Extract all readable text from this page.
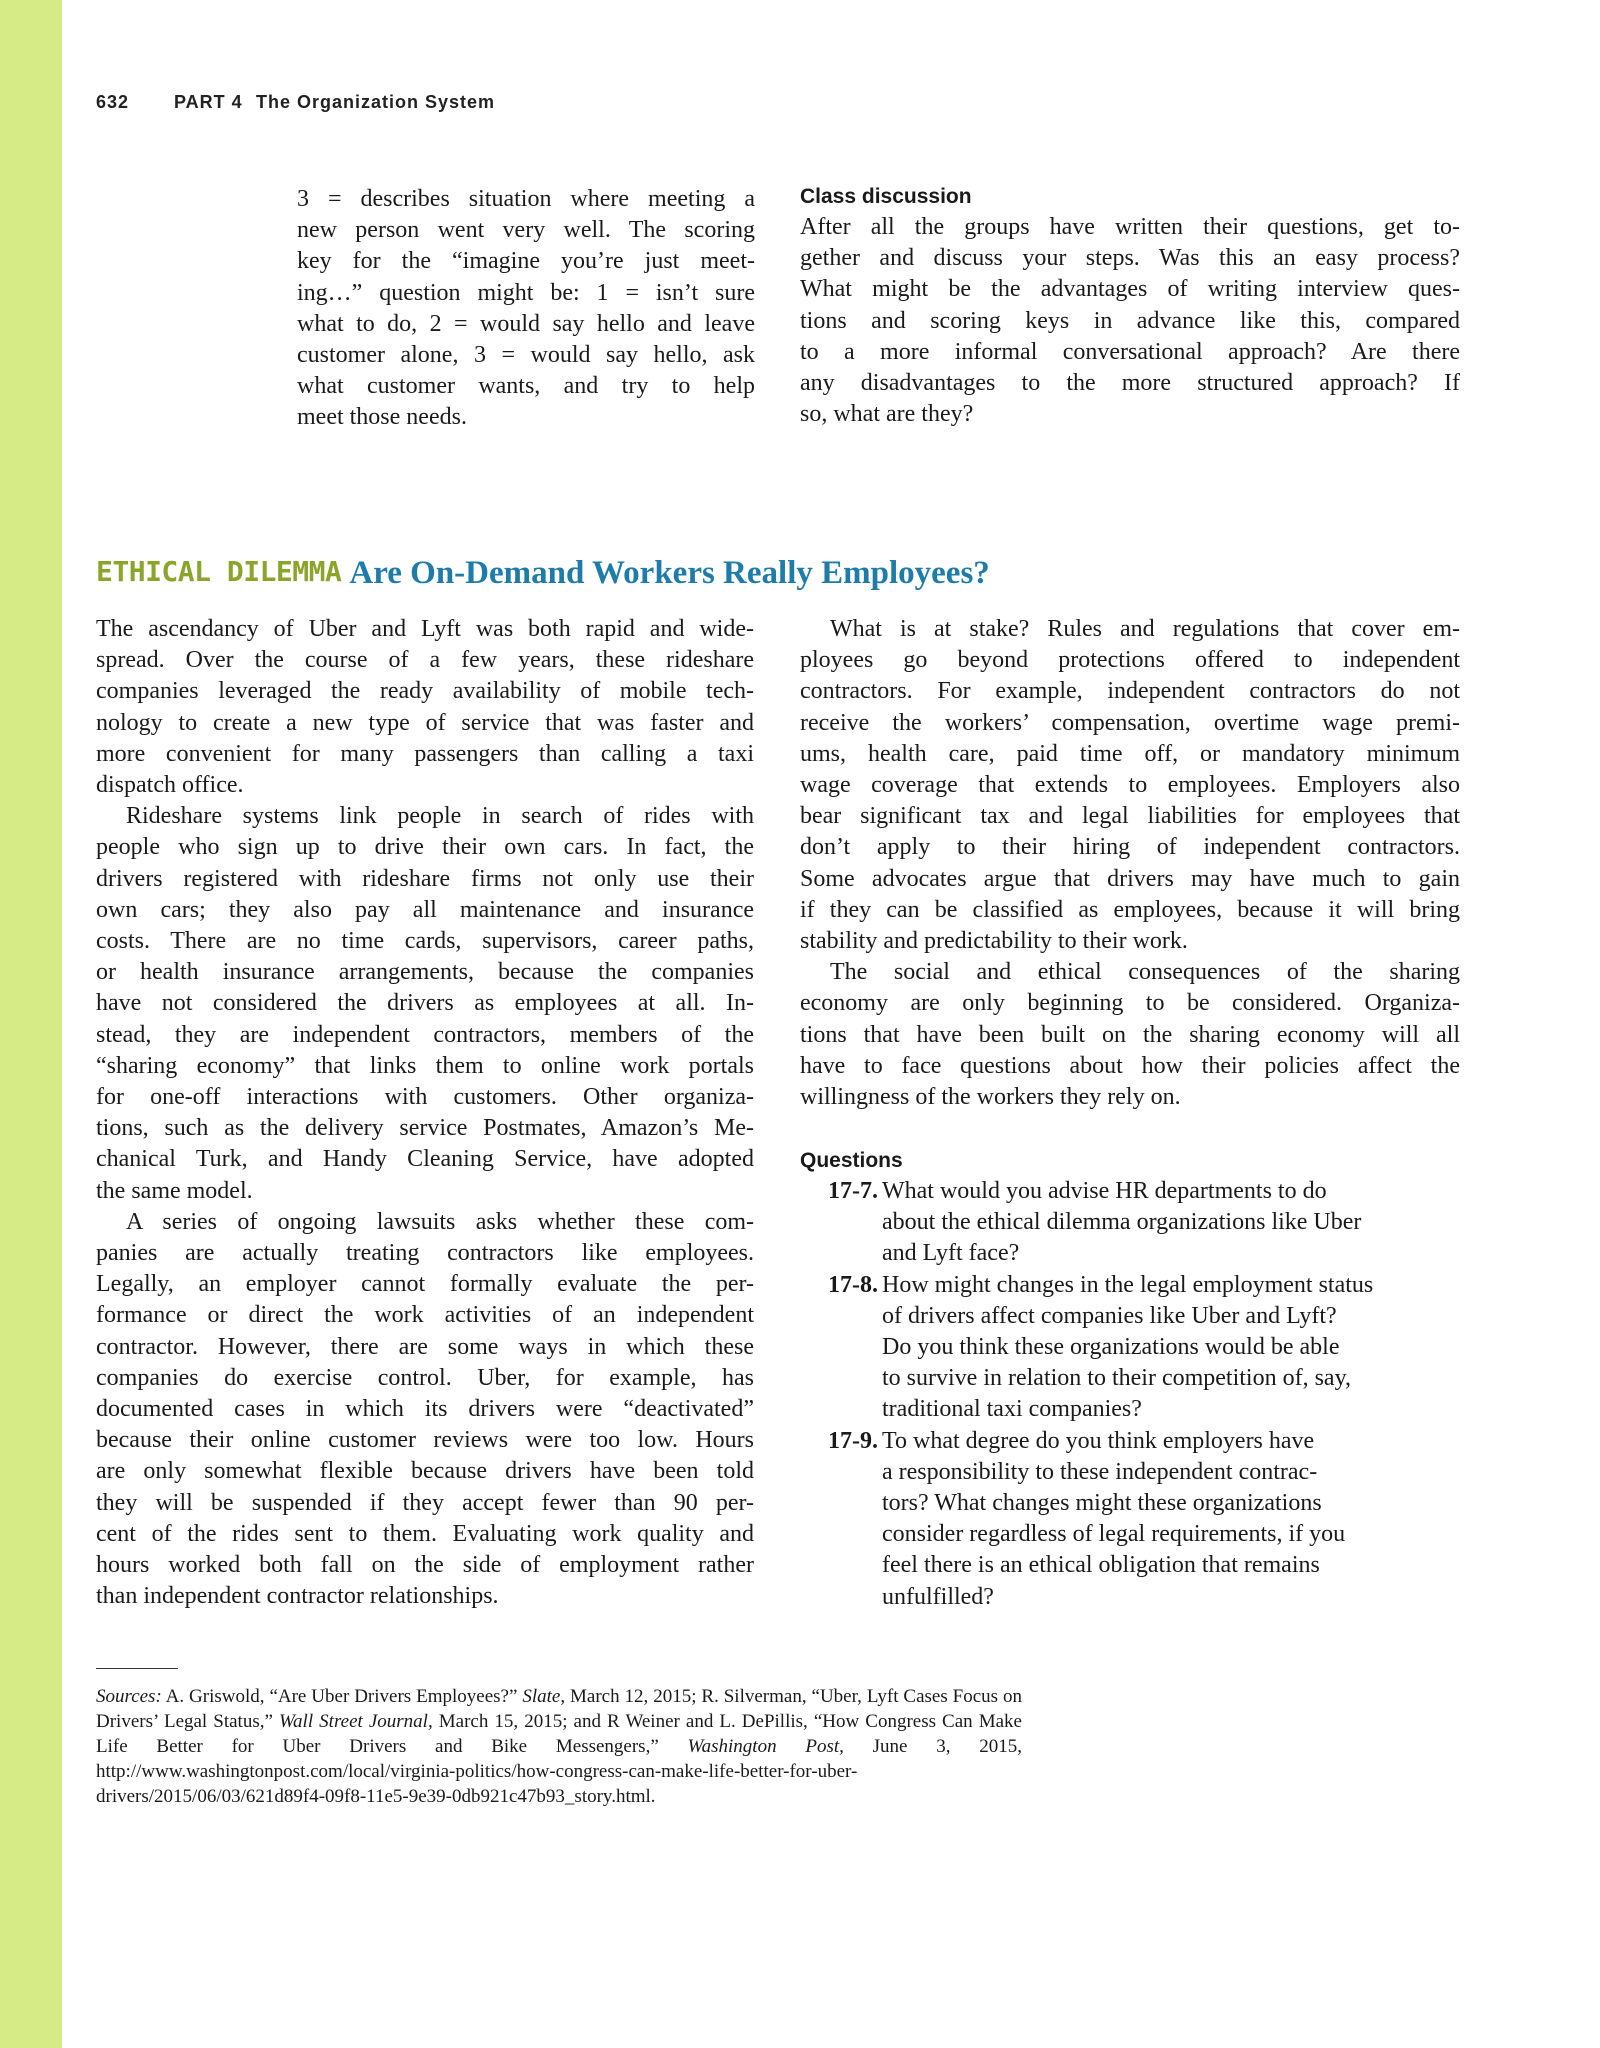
632 PART 4 The Organization System

3 = describes situation where meeting a

new person went very well. The scoring

key for the “imagine you’re just meet-

ing…” question might be: 1 = isn’t sure

what to do, 2 = would say hello and leave

customer alone, 3 = would say hello, ask

what customer wants, and try to help

meet those needs.

Class discussion

After all the groups have written their questions, get to-

gether and discuss your steps. Was this an easy process?

What might be the advantages of writing interview ques-

tions and scoring keys in advance like this, compared

to a more informal conversational approach? Are there

any disadvantages to the more structured approach? If

so, what are they?

ETHICAL DILEMMA Are On-Demand Workers Really Employees?

The ascendancy of Uber and Lyft was both rapid and wide-

spread. Over the course of a few years, these rideshare

companies leveraged the ready availability of mobile tech-

nology to create a new type of service that was faster and

more convenient for many passengers than calling a taxi

dispatch office.

Rideshare systems link people in search of rides with

people who sign up to drive their own cars. In fact, the

drivers registered with rideshare firms not only use their

own cars; they also pay all maintenance and insurance

costs. There are no time cards, supervisors, career paths,

or health insurance arrangements, because the companies

have not considered the drivers as employees at all. In-

stead, they are independent contractors, members of the

“sharing economy” that links them to online work portals

for one-off interactions with customers. Other organiza-

tions, such as the delivery service Postmates, Amazon’s Me-

chanical Turk, and Handy Cleaning Service, have adopted

the same model.

A series of ongoing lawsuits asks whether these com-

panies are actually treating contractors like employees.

Legally, an employer cannot formally evaluate the per-

formance or direct the work activities of an independent

contractor. However, there are some ways in which these

companies do exercise control. Uber, for example, has

documented cases in which its drivers were “deactivated”

because their online customer reviews were too low. Hours

are only somewhat flexible because drivers have been told

they will be suspended if they accept fewer than 90 per-

cent of the rides sent to them. Evaluating work quality and

hours worked both fall on the side of employment rather

than independent contractor relationships.

What is at stake? Rules and regulations that cover em-

ployees go beyond protections offered to independent

contractors. For example, independent contractors do not

receive the workers’ compensation, overtime wage premi-

ums, health care, paid time off, or mandatory minimum

wage coverage that extends to employees. Employers also

bear significant tax and legal liabilities for employees that

don’t apply to their hiring of independent contractors.

Some advocates argue that drivers may have much to gain

if they can be classified as employees, because it will bring

stability and predictability to their work.

The social and ethical consequences of the sharing

economy are only beginning to be considered. Organiza-

tions that have been built on the sharing economy will all

have to face questions about how their policies affect the

willingness of the workers they rely on.

Questions
17-7. What would you advise HR departments to do

about the ethical dilemma organizations like Uber

and Lyft face?

17-8. How might changes in the legal employment status

of drivers affect companies like Uber and Lyft?

Do you think these organizations would be able

to survive in relation to their competition of, say,

traditional taxi companies?

17-9. To what degree do you think employers have

a responsibility to these independent contrac-

tors? What changes might these organizations

consider regardless of legal requirements, if you

feel there is an ethical obligation that remains

unfulfilled?

Sources: A. Griswold, “Are Uber Drivers Employees?” Slate, March 12, 2015; R. Silverman, “Uber, Lyft Cases Focus on Drivers’ Legal Status,” Wall Street Journal, March 15, 2015; and R Weiner and L. DePillis, “How Congress Can Make Life Better for Uber Drivers and Bike Messengers,” Washington Post, June 3, 2015, http://www.washingtonpost.com/local/virginia-politics/how-congress-can-make-life-better-for-uber-drivers/2015/06/03/621d89f4-09f8-11e5-9e39-0db921c47b93_story.html.
